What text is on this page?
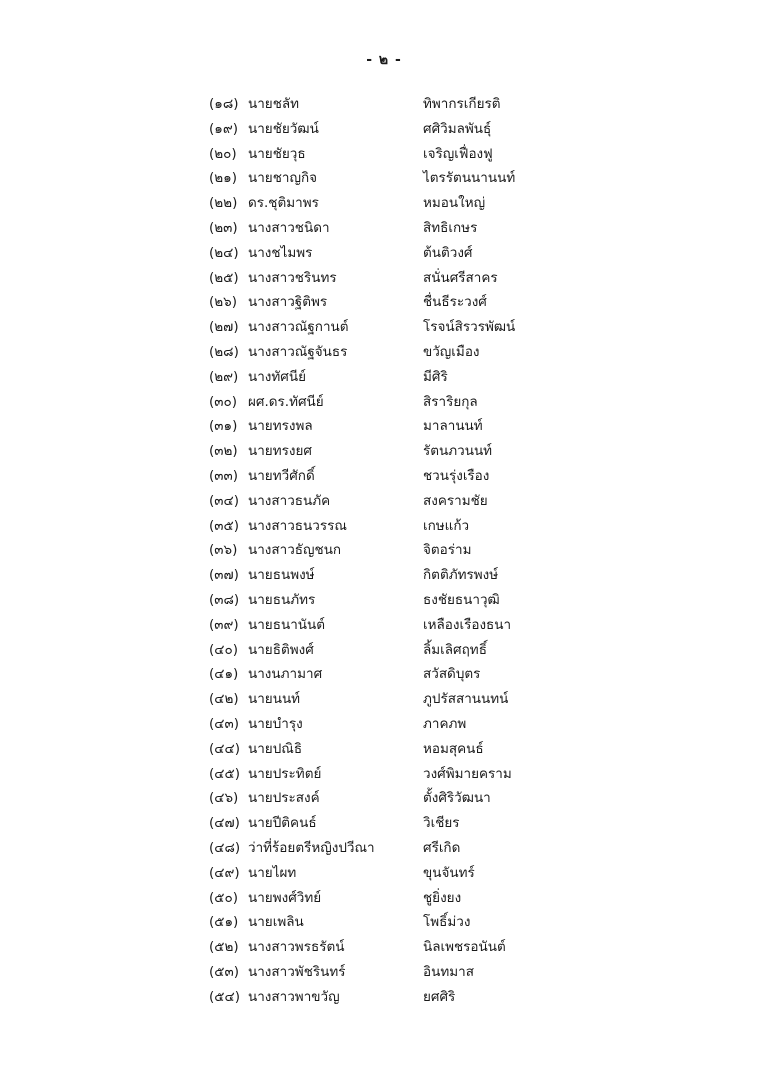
- ๒ -
(๑๘) นายชลัท	ทิพากรเกียรติ
(๑๙) นายชัยวัฒน์	ศศิวิมลพันธุ์
(๒๐) นายชัยวุธ	เจริญเฟื่องฟู
(๒๑) นายชาญกิจ	ไตรรัตนนานนท์
(๒๒) ดร.ชุติมาพร	หมอนใหญ่
(๒๓) นางสาวชนิดา	สิทธิเกษร
(๒๔) นางชไมพร	ต้นติวงศ์
(๒๕) นางสาวชรินทร	สนั่นศรีสาคร
(๒๖) นางสาวฐิติพร	ชื่นธีระวงศ์
(๒๗) นางสาวณัฐกานต์	โรจน์สิรวรพัฒน์
(๒๘) นางสาวณัฐจันธร	ขวัญเมือง
(๒๙) นางทัศนีย์	มีศิริ
(๓๐) ผศ.ดร.ทัศนีย์	สิราริยกุล
(๓๑) นายทรงพล	มาลานนท์
(๓๒) นายทรงยศ	รัตนภวนนท์
(๓๓) นายทวีศักดิ์	ชวนรุ่งเรือง
(๓๔) นางสาวธนภัค	สงครามชัย
(๓๕) นางสาวธนวรรณ	เกษแก้ว
(๓๖) นางสาวธัญชนก	จิตอร่าม
(๓๗) นายธนพงษ์	กิตติภัทรพงษ์
(๓๘) นายธนภัทร	ธงชัยธนาวุฒิ
(๓๙) นายธนานันต์	เหลืองเรืองธนา
(๔๐) นายธิติพงศ์	ลิ้มเลิศฤทธิ์
(๔๑) นางนภามาศ	สวัสดิบุตร
(๔๒) นายนนท์	ภูปรัสสานนทน์
(๔๓) นายบำรุง	ภาคภพ
(๔๔) นายปณิธิ	หอมสุคนธ์
(๔๕) นายประทิตย์	วงศ์พิมายคราม
(๔๖) นายประสงค์	ตั้งศิริวัฒนา
(๔๗) นายปีติคนธ์	วิเชียร
(๔๘) ว่าที่ร้อยตรีหญิงปวีณา	ศรีเกิด
(๔๙) นายไผท	ขุนจันทร์
(๕๐) นายพงศ์วิทย์	ชูยิ่งยง
(๕๑) นายเพลิน	โพธิ์ม่วง
(๕๒) นางสาวพรธรัตน์	นิลเพชรอนันต์
(๕๓) นางสาวพัชรินทร์	อินทมาส
(๕๔) นางสาวพาขวัญ	ยศศิริ
